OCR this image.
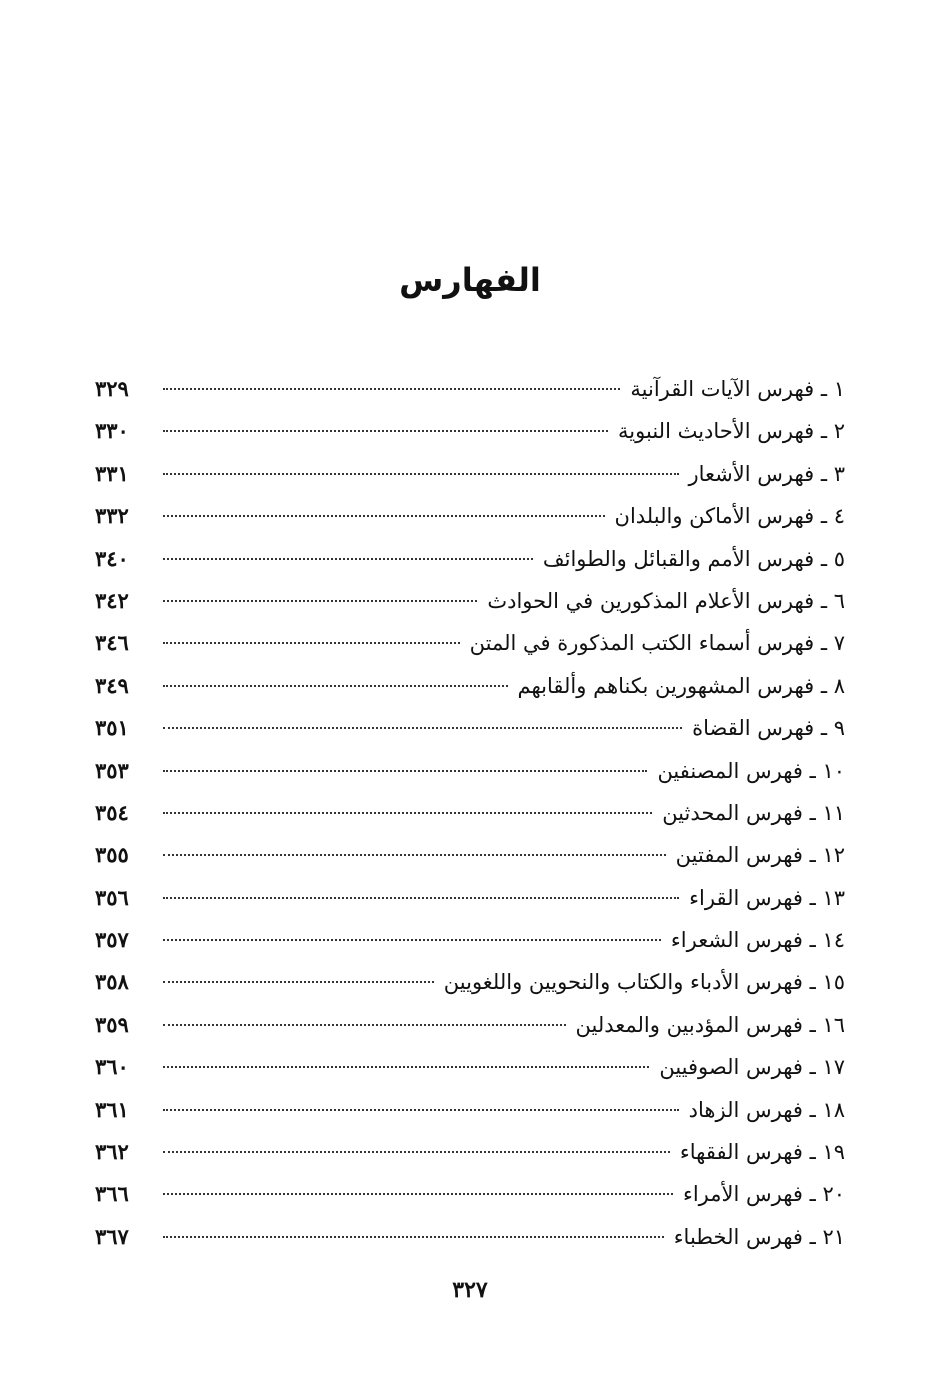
الفهارس
١ ـ فهرس الآيات القرآنية
٣٢٩
٢ ـ فهرس الأحاديث النبوية
٣٣٠
٣ ـ فهرس الأشعار
٣٣١
٤ ـ فهرس الأماكن والبلدان
٣٣٢
٥ ـ فهرس الأمم والقبائل والطوائف
٣٤٠
٦ ـ فهرس الأعلام المذكورين في الحوادث
٣٤٢
٧ ـ فهرس أسماء الكتب المذكورة في المتن
٣٤٦
٨ ـ فهرس المشهورين بكناهم وألقابهم
٣٤٩
٩ ـ فهرس القضاة
٣٥١
١٠ ـ فهرس المصنفين
٣٥٣
١١ ـ فهرس المحدثين
٣٥٤
١٢ ـ فهرس المفتين
٣٥٥
١٣ ـ فهرس القراء
٣٥٦
١٤ ـ فهرس الشعراء
٣٥٧
١٥ ـ فهرس الأدباء والكتاب والنحويين واللغويين
٣٥٨
١٦ ـ فهرس المؤدبين والمعدلين
٣٥٩
١٧ ـ فهرس الصوفيين
٣٦٠
١٨ ـ فهرس الزهاد
٣٦١
١٩ ـ فهرس الفقهاء
٣٦٢
٢٠ ـ فهرس الأمراء
٣٦٦
٢١ ـ فهرس الخطباء
٣٦٧
٣٢٧
